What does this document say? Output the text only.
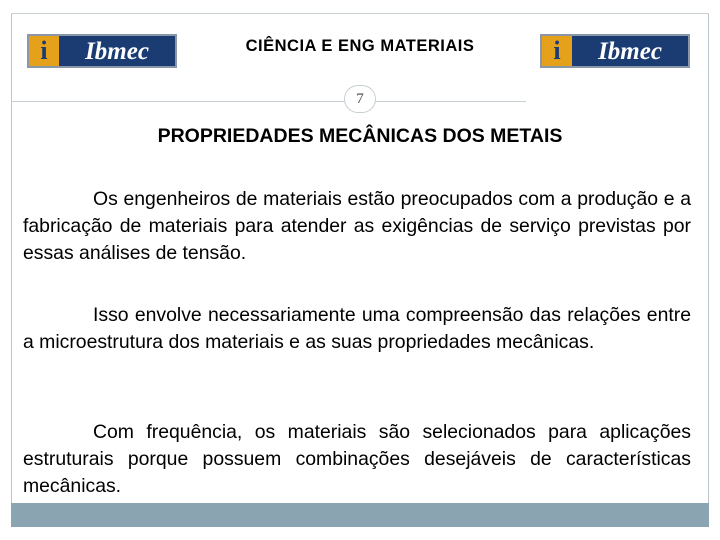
i	Ibmec	CIÊNCIA E ENG MATERIAIS	i	Ibmec
7
PROPRIEDADES MECÂNICAS DOS METAIS

Os engenheiros de materiais estão preocupados com a produção e a fabricação de materiais para atender as exigências de serviço previstas por essas análises de tensão.

Isso envolve necessariamente uma compreensão das relações entre a microestrutura dos materiais e as suas propriedades mecânicas.

Com frequência, os materiais são selecionados para aplicações estruturais porque possuem combinações desejáveis de características mecânicas.
